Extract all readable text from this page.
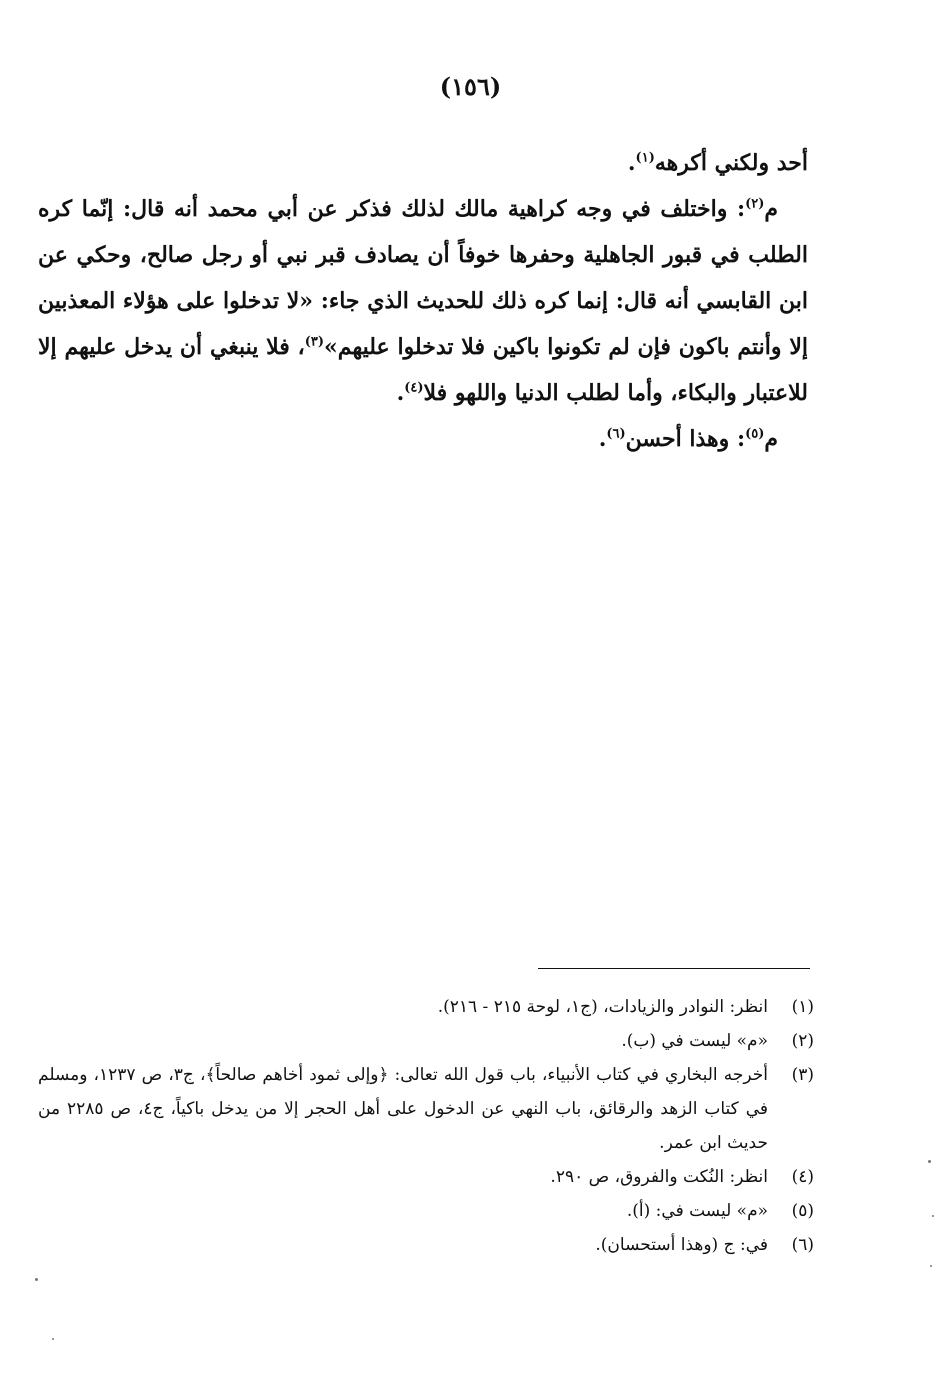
(١٥٦)

أحد ولكني أكرهه$^{(١)}$.

م$^{(٢)}$: واختلف في وجه كراهية مالك لذلك فذكر عن أبي محمد أنه قال: إنّما كره الطلب في قبور الجاهلية وحفرها خوفاً أن يصادف قبر نبي أو رجل صالح، وحكي عن ابن القابسي أنه قال: إنما كره ذلك للحديث الذي جاء: «لا تدخلوا على هؤلاء المعذبين إلا وأنتم باكون فإن لم تكونوا باكين فلا تدخلوا عليهم»$^{(٣)}$، فلا ينبغي أن يدخل عليهم إلا للاعتبار والبكاء، وأما لطلب الدنيا واللهو فلا$^{(٤)}$.

م$^{(٥)}$: وهذا أحسن$^{(٦)}$.

(١)
انظر: النوادر والزيادات، (ج١، لوحة ٢١٥ - ٢١٦).
(٢)
«م» ليست في (ب).
(٣)
أخرجه البخاري في كتاب الأنبياء، باب قول الله تعالى: ﴿وإلى ثمود أخاهم صالحاً﴾، ج٣، ص ١٢٣٧، ومسلم في كتاب الزهد والرقائق، باب النهي عن الدخول على أهل الحجر إلا من يدخل باكياً، ج٤، ص ٢٢٨٥ من حديث ابن عمر.
(٤)
انظر: النُكت والفروق، ص ٢٩٠.
(٥)
«م» ليست في: (أ).
(٦)
في: ج (وهذا أستحسان).
